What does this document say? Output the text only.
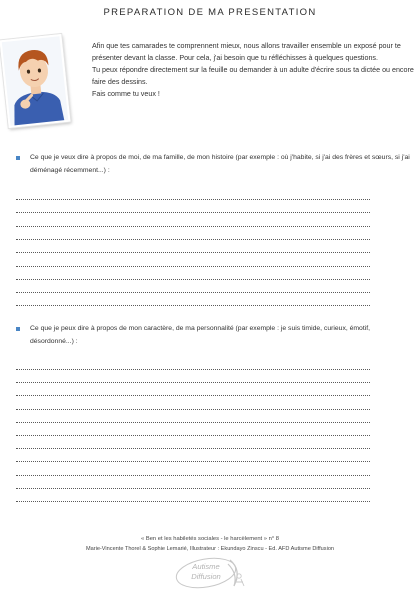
PREPARATION DE MA PRESENTATION

Afin que tes camarades te comprennent mieux, nous allons travailler ensemble un exposé pour te présenter devant la classe. Pour cela, j'ai besoin que tu réfléchisses à quelques questions.

Tu peux répondre directement sur la feuille ou demander à un adulte d'écrire sous ta dictée ou encore faire des dessins.

Fais comme tu veux !

Ce que je veux dire à propos de moi, de ma famille, de mon histoire (par exemple : où j'habite, si j'ai des frères et sœurs, si j'ai déménagé récemment...) :
Ce que je peux dire à propos de mon caractère, de ma personnalité (par exemple : je suis timide, curieux, émotif, désordonné...) :
« Ben et les habiletés sociales - le harcèlement » n° 8
Marie-Vincente Thorel & Sophie Lemarié, Illustrateur : Ekundayo Zinscu - Ed. AFD Autisme Diffusion
Autisme
Diffusion
